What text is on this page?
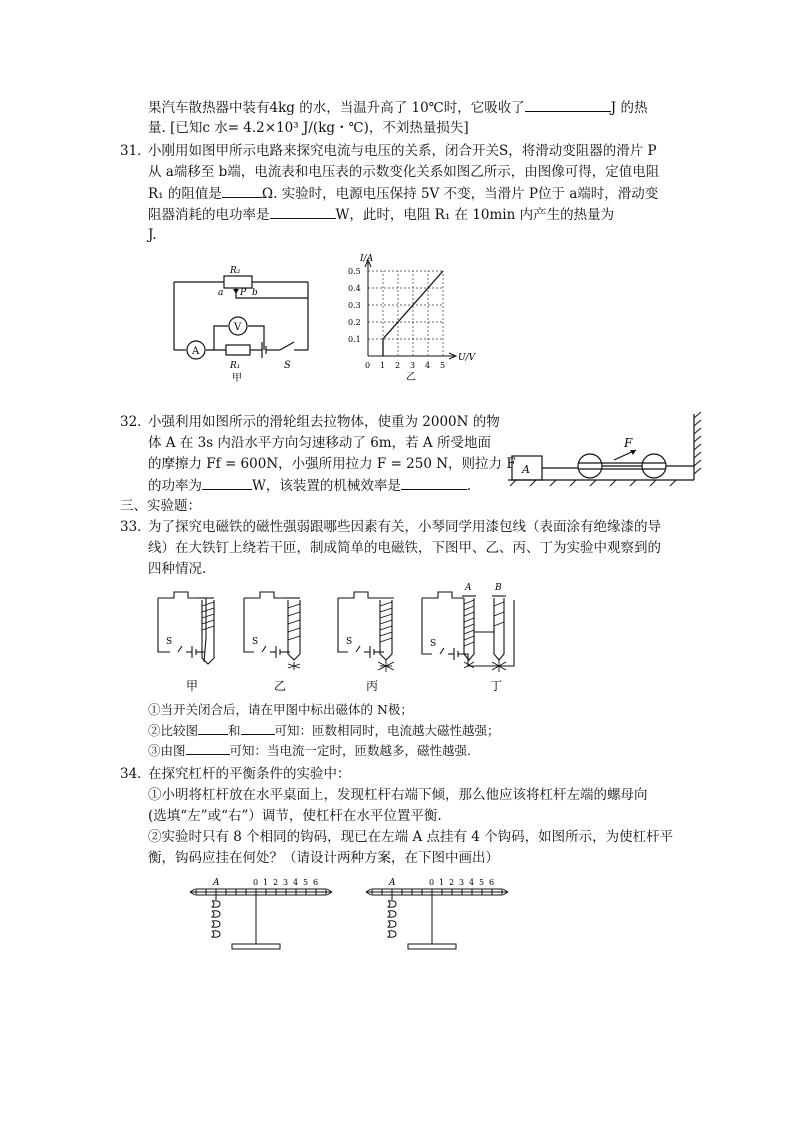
果汽车散热器中装有4kg 的水，当温升高了 10℃时，它吸收了	J 的热
量. [已知c 水= 4.2×10³ J/(kg・℃)，不刘热量损失]
31．
小刚用如图甲所示电路来探究电流与电压的关系，闭合开关S，将滑动变阻器的滑片 P
从 a端移至 b端，电流表和电压表的示数变化关系如图乙所示，由图像可得，定值电阻
R₁ 的阻值是	Ω. 实验时，电源电压保持 5V 不变，当滑片 P位于 a端时，滑动变
阻器消耗的电功率是	W，此时，电阻 R₁ 在 10min 内产生的热量为
J.
R₂
a P b
V
A
R₁	S
甲
0.1
0.2
0.3
0.4
0.5
0 1 2 3 4 5
I/A
U/V
乙
32．
小强利用如图所示的滑轮组去拉物体，使重为 2000N 的物
体 A 在 3s 内沿水平方向匀速移动了 6m，若 A 所受地面
的摩擦力 Ff = 600N，小强所用拉力 F = 250 N，则拉力 F
的功率为	W，该装置的机械效率是	.
F
A
三、实验题：
33．
为了探究电磁铁的磁性强弱跟哪些因素有关，小琴同学用漆包线（表面涂有绝缘漆的导
线）在大铁钉上绕若干匝，制成简单的电磁铁，下图甲、乙、丙、丁为实验中观察到的
四种情况.
S	S	S	S
A	B
甲	乙	丙	丁
①当开关闭合后，请在甲图中标出磁体的 N极；
②比较图 和	可知：匝数相同时，电流越大磁性越强；
③由图	可知：当电流一定时，匝数越多，磁性越强.
34．
在探究杠杆的平衡条件的实验中：
①小明将杠杆放在水平桌面上，发现杠杆右端下倾，那么他应该将杠杆左端的螺母向
(选填“左”或“右”）调节，使杠杆在水平位置平衡.
②实验时只有 8 个相同的钩码，现已在左端 A 点挂有 4 个钩码，如图所示，为使杠杆平
衡，钩码应挂在何处？（请设计两种方案，在下图中画出）
A	0 1 2 3 4 5 6	A	0 1 2 3 4 5 6
